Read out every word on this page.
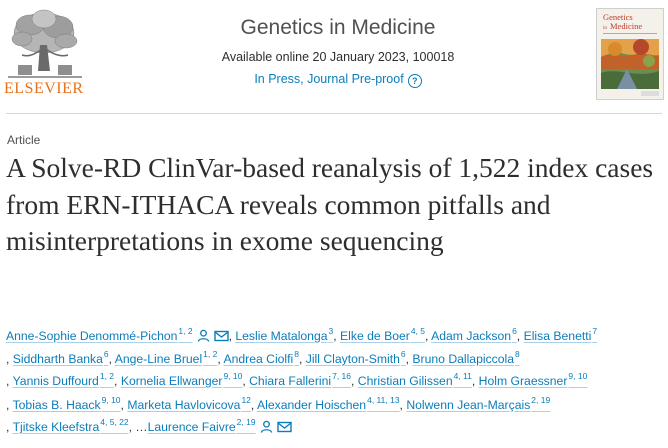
ELSEVIER
Genetics in Medicine
Available online 20 January 2023, 100018
In Press, Journal Pre-proof ?
Genetics
in Medicine
Article
A Solve-RD ClinVar-based reanalysis of 1,522 index cases from ERN-ITHACA reveals common pitfalls and misinterpretations in exome sequencing
Anne-Sophie Denommé-Pichon$^{1, 2}$	, Leslie Matalonga$^3$, Elke de Boer$^{4, 5}$, Adam Jackson$^6$, Elisa Benetti$^7$
, Siddharth Banka$^6$, Ange-Line Bruel$^{1, 2}$, Andrea Ciolfi$^8$, Jill Clayton-Smith$^6$, Bruno Dallapiccola$^8$
, Yannis Duffourd$^{1, 2}$, Kornelia Ellwanger$^{9, 10}$, Chiara Fallerini$^{7, 16}$, Christian Gilissen$^{4, 11}$, Holm Graessner$^{9, 10}$
, Tobias B. Haack$^{9, 10}$, Marketa Havlovicova$^{12}$, Alexander Hoischen$^{4, 11, 13}$, Nolwenn Jean-Marçais$^{2, 19}$
, Tjitske Kleefstra$^{4, 5, 22}$, …Laurence Faivre$^{2, 19}$
